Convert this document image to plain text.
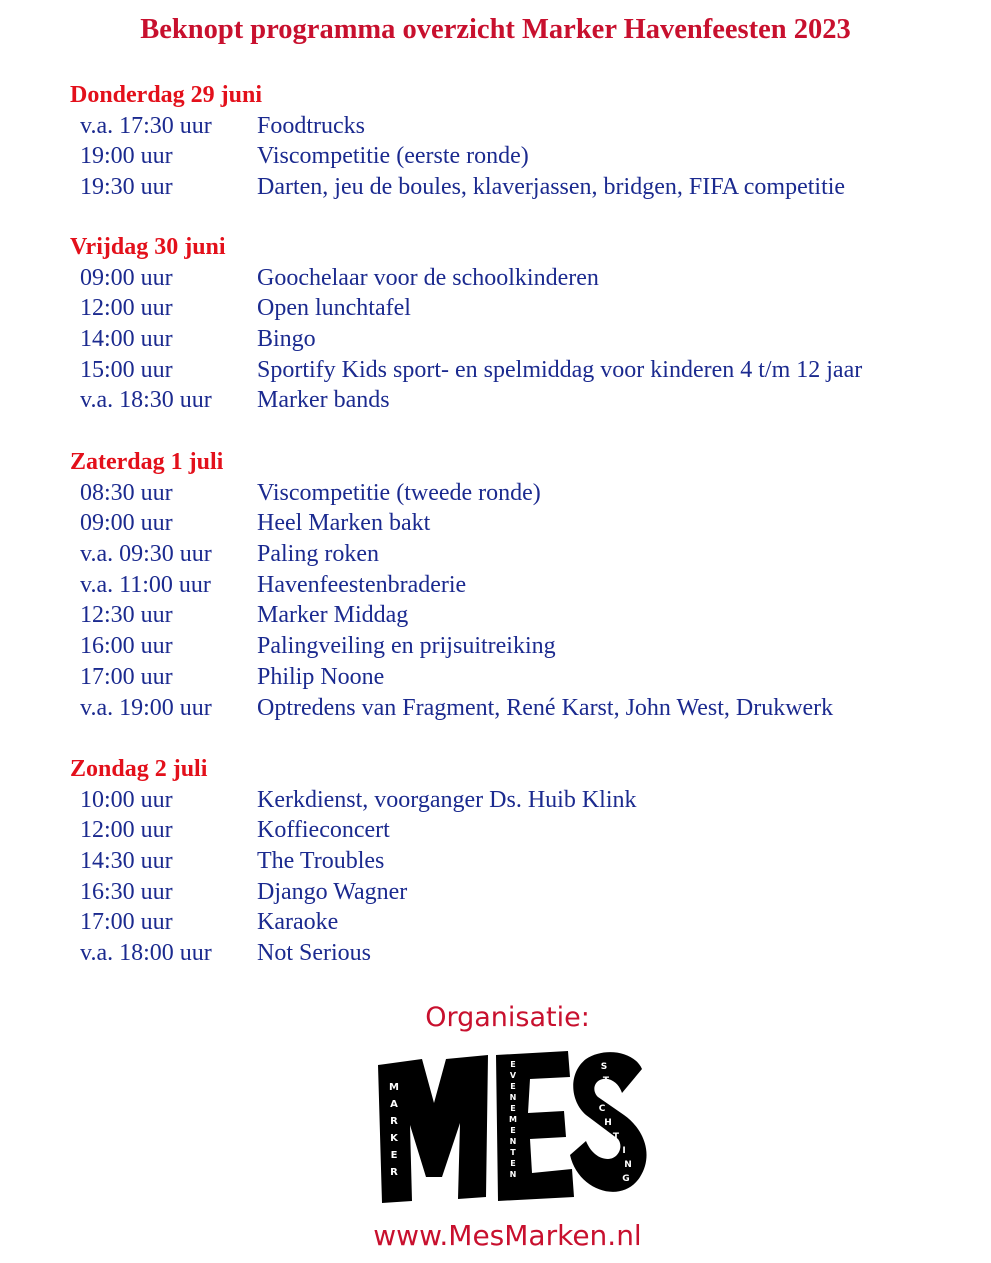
Beknopt programma overzicht Marker Havenfeesten 2023
Donderdag 29 juni
v.a. 17:30 uur Foodtrucks
19:00 uur	Viscompetitie (eerste ronde)
19:30 uur	Darten, jeu de boules, klaverjassen, bridgen, FIFA competitie
Vrijdag 30 juni
09:00 uur	Goochelaar voor de schoolkinderen
12:00 uur	Open lunchtafel
14:00 uur	Bingo
15:00 uur	Sportify Kids sport- en spelmiddag voor kinderen 4 t/m 12 jaar
v.a. 18:30 uur Marker bands
Zaterdag 1 juli
08:30 uur	Viscompetitie (tweede ronde)
09:00 uur	Heel Marken bakt
v.a. 09:30 uur Paling roken
v.a. 11:00 uur Havenfeestenbraderie
12:30 uur	Marker Middag
16:00 uur	Palingveiling en prijsuitreiking
17:00 uur	Philip Noone
v.a. 19:00 uur Optredens van Fragment, René Karst, John West, Drukwerk
Zondag 2 juli
10:00 uur	Kerkdienst, voorganger Ds. Huib Klink
12:00 uur	Koffieconcert
14:30 uur	The Troubles
16:30 uur	Django Wagner
17:00 uur	Karaoke
v.a. 18:00 uur Not Serious
Organisatie:
M
A
R
K
E
R
E
V
E
N
E
M
E
N
T
E
N
S
T
I
C
H
T
I
N
G
www.MesMarken.nl
